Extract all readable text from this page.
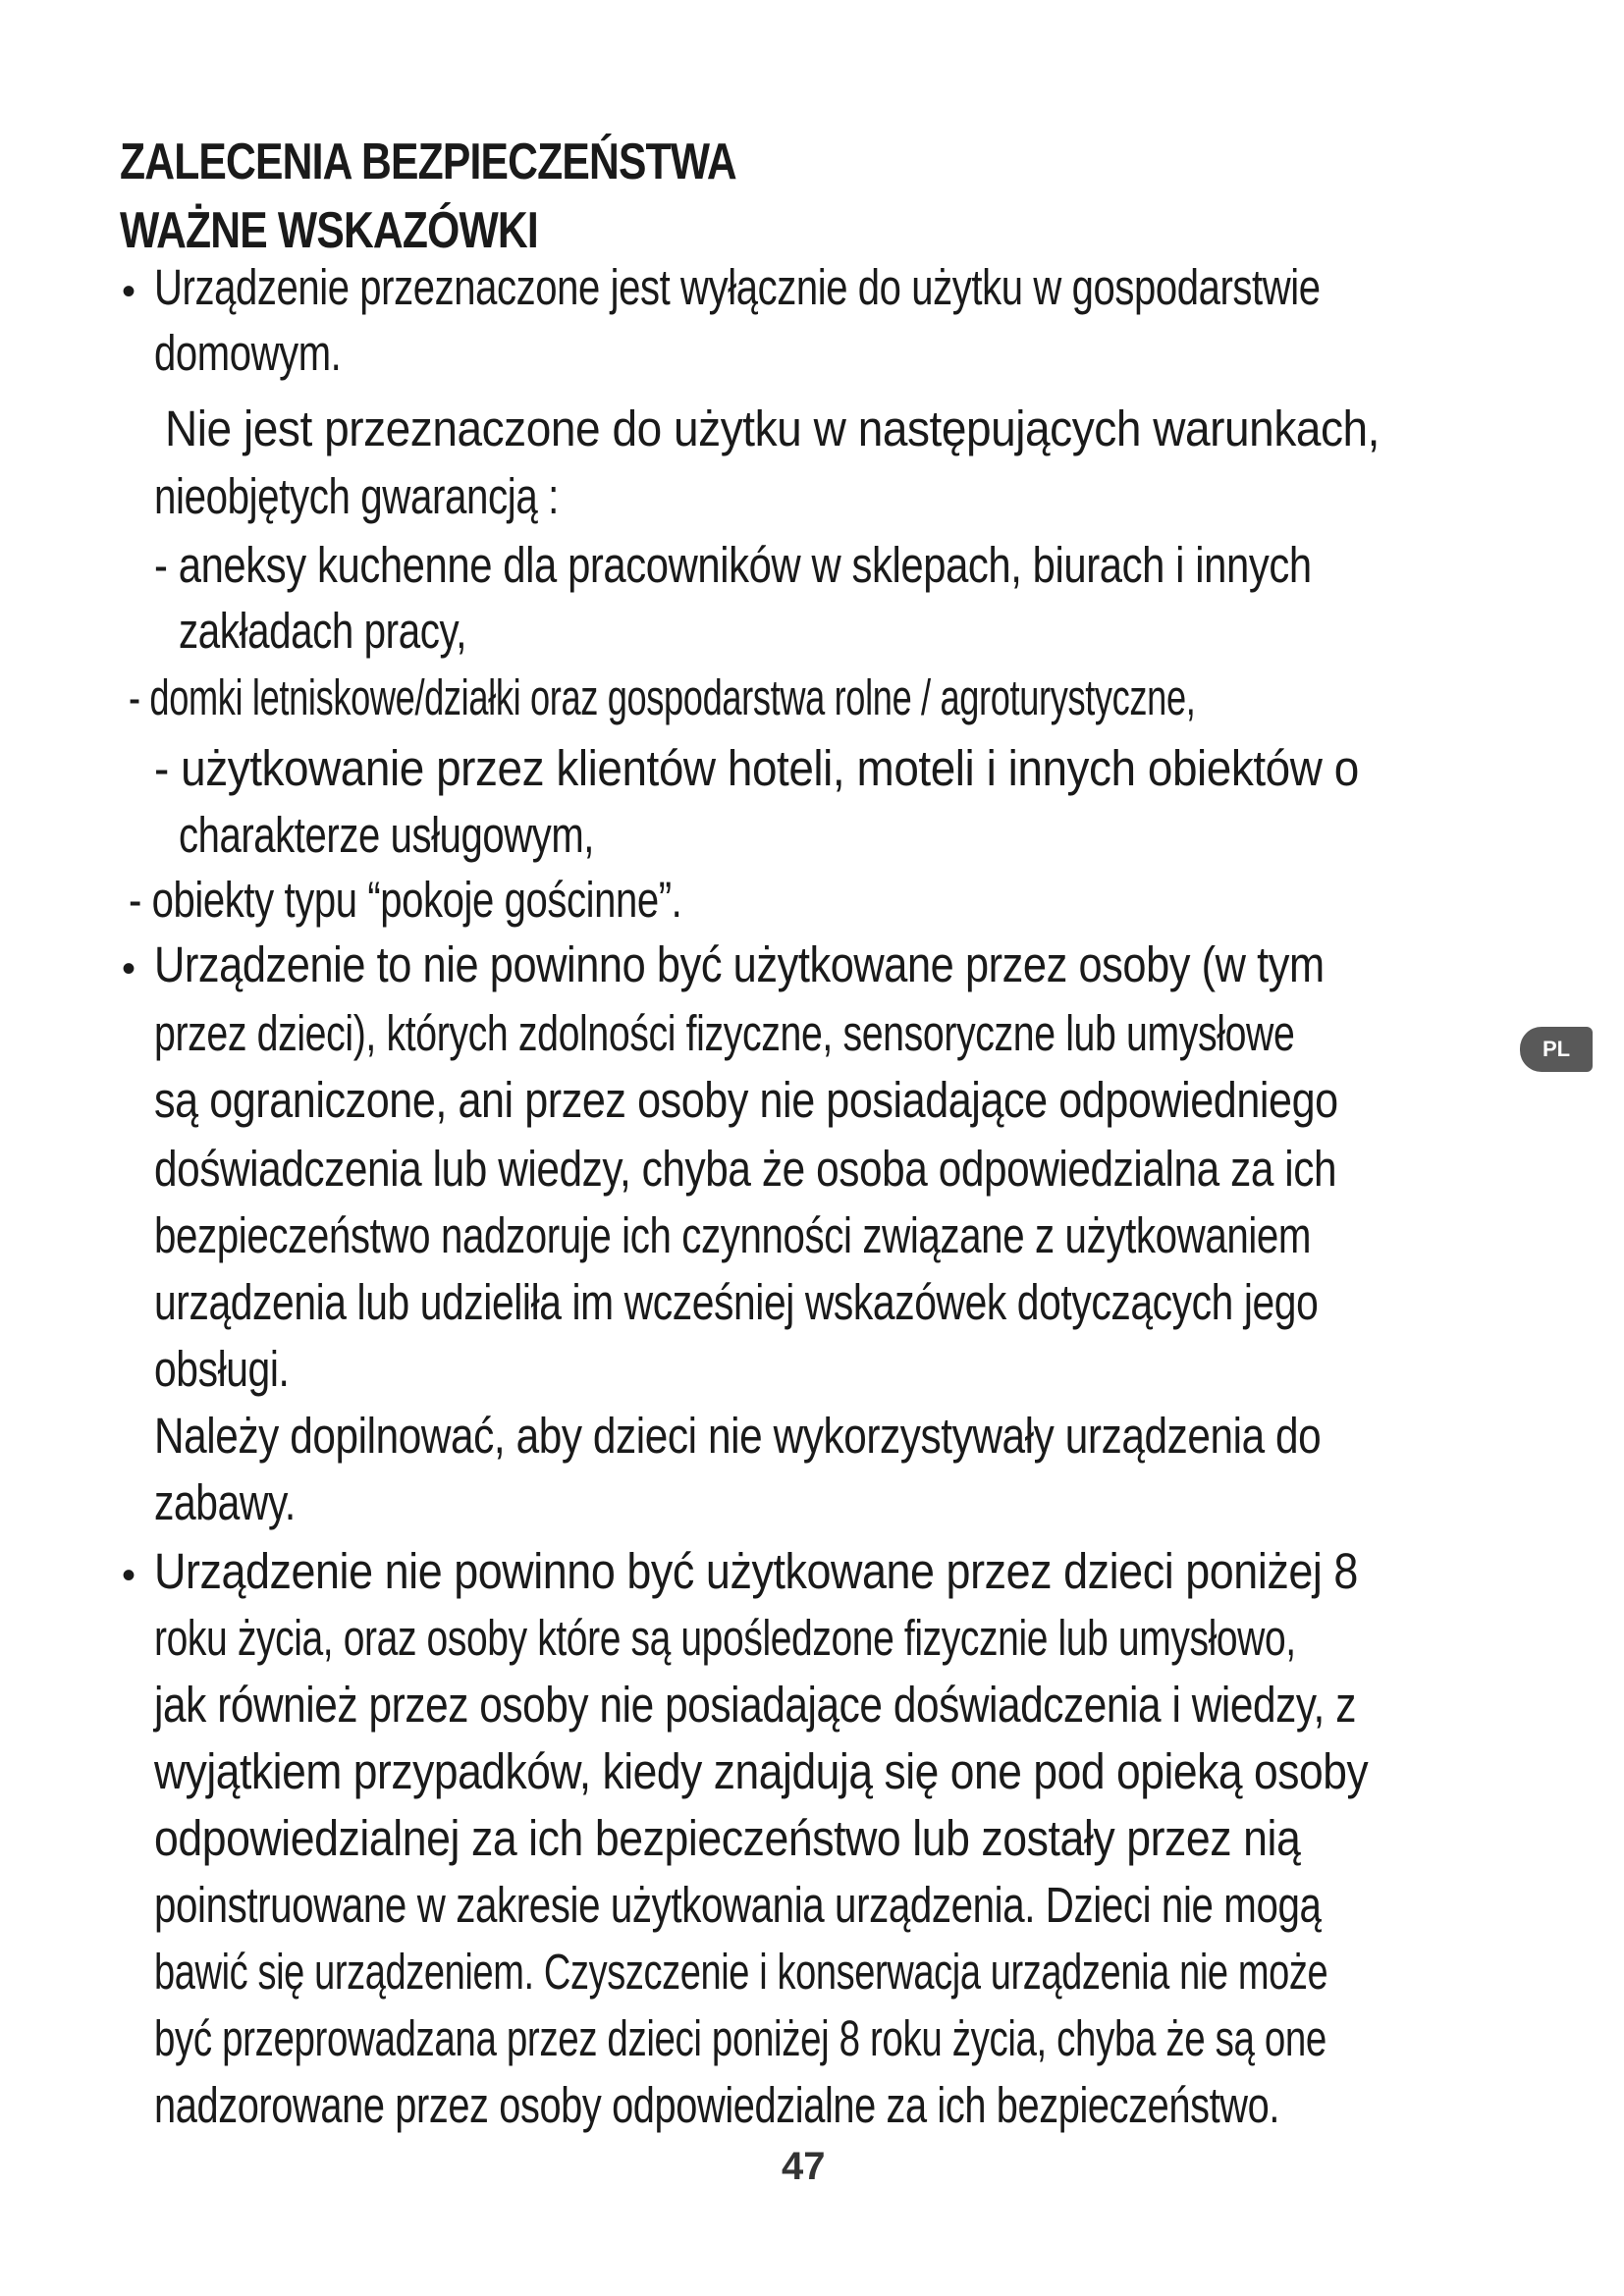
ZALECENIA BEZPIECZEŃSTWA
WAŻNE WSKAZÓWKI
• Urządzenie przeznaczone jest wyłącznie do użytku w gospodarstwie
domowym.
Nie jest przeznaczone do użytku w następujących warunkach,
nieobjętych gwarancją :
- aneksy kuchenne dla pracowników w sklepach, biurach i innych
zakładach pracy,
- domki letniskowe/działki oraz gospodarstwa rolne / agroturystyczne,
- użytkowanie przez klientów hoteli, moteli i innych obiektów o
charakterze usługowym,
- obiekty typu “pokoje gościnne”.
• Urządzenie to nie powinno być użytkowane przez osoby (w tym
przez dzieci), których zdolności fizyczne, sensoryczne lub umysłowe
są ograniczone, ani przez osoby nie posiadające odpowiedniego
doświadczenia lub wiedzy, chyba że osoba odpowiedzialna za ich
bezpieczeństwo nadzoruje ich czynności związane z użytkowaniem
urządzenia lub udzieliła im wcześniej wskazówek dotyczących jego
obsługi.
Należy dopilnować, aby dzieci nie wykorzystywały urządzenia do
zabawy.
• Urządzenie nie powinno być użytkowane przez dzieci poniżej 8
roku życia, oraz osoby które są upośledzone fizycznie lub umysłowo,
jak również przez osoby nie posiadające doświadczenia i wiedzy, z
wyjątkiem przypadków, kiedy znajdują się one pod opieką osoby
odpowiedzialnej za ich bezpieczeństwo lub zostały przez nią
poinstruowane w zakresie użytkowania urządzenia. Dzieci nie mogą
bawić się urządzeniem. Czyszczenie i konserwacja urządzenia nie może
być przeprowadzana przez dzieci poniżej 8 roku życia, chyba że są one
nadzorowane przez osoby odpowiedzialne za ich bezpieczeństwo.
PL
47
